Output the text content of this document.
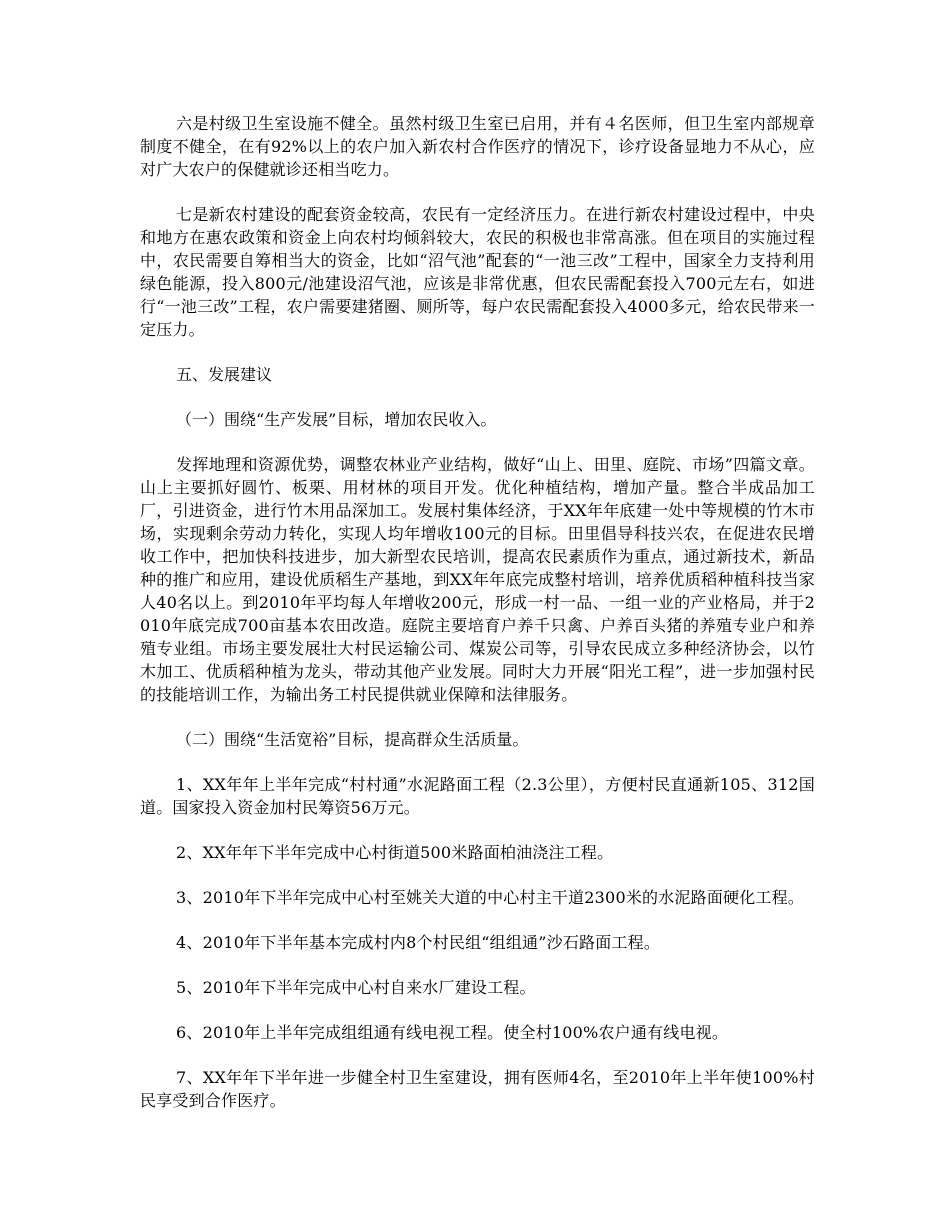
六是村级卫生室设施不健全。虽然村级卫生室已启用，并有４名医师，但卫生室内部规章制度不健全，在有92%以上的农户加入新农村合作医疗的情况下，诊疗设备显地力不从心，应对广大农户的保健就诊还相当吃力。

七是新农村建设的配套资金较高，农民有一定经济压力。在进行新农村建设过程中，中央和地方在惠农政策和资金上向农村均倾斜较大，农民的积极也非常高涨。但在项目的实施过程中，农民需要自筹相当大的资金，比如“沼气池”配套的“一池三改”工程中，国家全力支持利用绿色能源，投入800元/池建设沼气池，应该是非常优惠，但农民需配套投入700元左右，如进行“一池三改”工程，农户需要建猪圈、厕所等，每户农民需配套投入4000多元，给农民带来一定压力。

五、发展建议

（一）围绕“生产发展”目标，增加农民收入。

发挥地理和资源优势，调整农林业产业结构，做好“山上、田里、庭院、市场”四篇文章。山上主要抓好圆竹、板栗、用材林的项目开发。优化种植结构，增加产量。整合半成品加工厂，引进资金，进行竹木用品深加工。发展村集体经济，于XX年年底建一处中等规模的竹木市场，实现剩余劳动力转化，实现人均年增收100元的目标。田里倡导科技兴农，在促进农民增收工作中，把加快科技进步，加大新型农民培训，提高农民素质作为重点，通过新技术，新品种的推广和应用，建设优质稻生产基地，到XX年年底完成整村培训，培养优质稻种植科技当家人40名以上。到2010年平均每人年增收200元，形成一村一品、一组一业的产业格局，并于2010年底完成700亩基本农田改造。庭院主要培育户养千只禽、户养百头猪的养殖专业户和养殖专业组。市场主要发展壮大村民运输公司、煤炭公司等，引导农民成立多种经济协会，以竹木加工、优质稻种植为龙头，带动其他产业发展。同时大力开展“阳光工程”，进一步加强村民的技能培训工作，为输出务工村民提供就业保障和法律服务。

（二）围绕“生活宽裕”目标，提高群众生活质量。

1、XX年年上半年完成“村村通”水泥路面工程（2.3公里），方便村民直通新105、312国道。国家投入资金加村民筹资56万元。

2、XX年年下半年完成中心村街道500米路面柏油浇注工程。

3、2010年下半年完成中心村至姚关大道的中心村主干道2300米的水泥路面硬化工程。

4、2010年下半年基本完成村内8个村民组“组组通”沙石路面工程。

5、2010年下半年完成中心村自来水厂建设工程。

6、2010年上半年完成组组通有线电视工程。使全村100%农户通有线电视。

7、XX年年下半年进一步健全村卫生室建设，拥有医师4名，至2010年上半年使100%村民享受到合作医疗。
